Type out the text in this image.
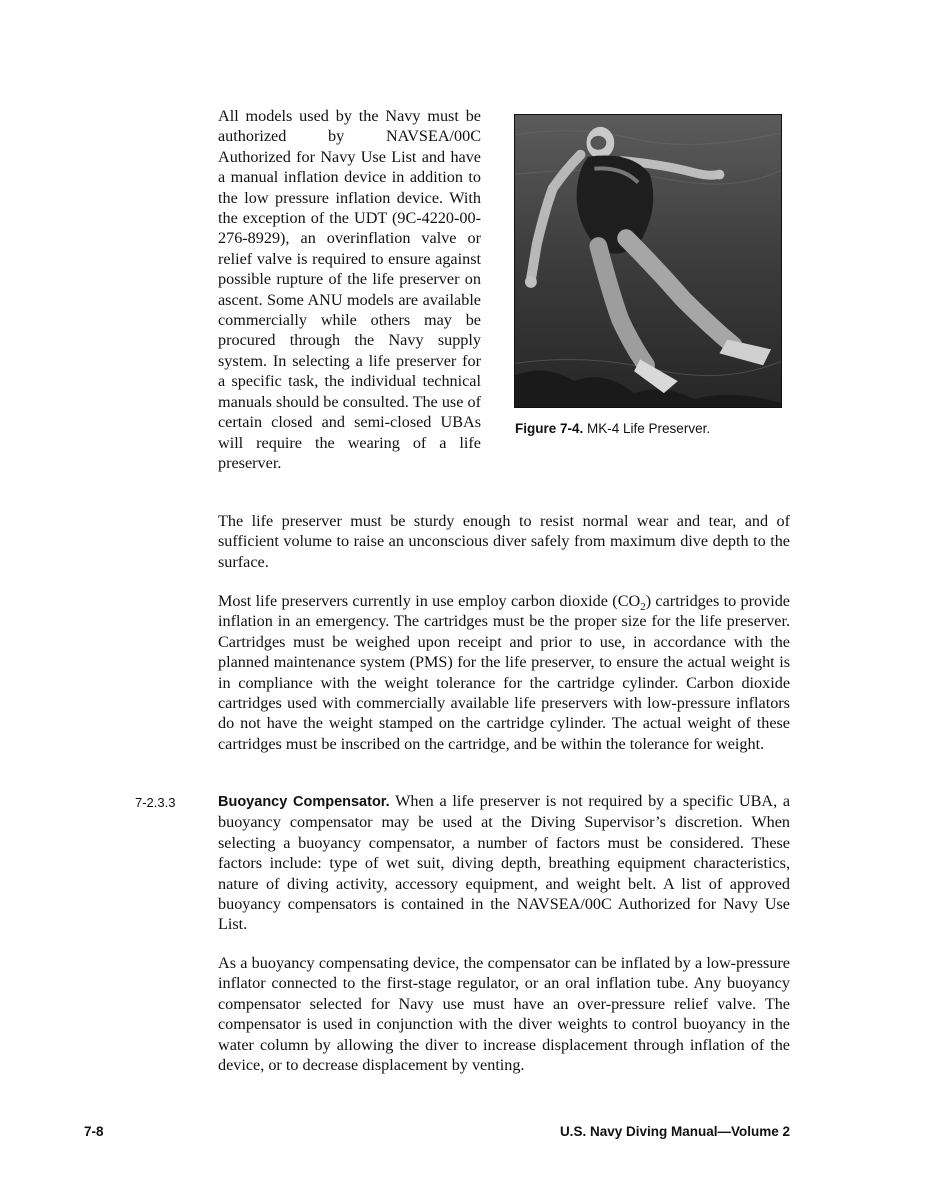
All models used by the Navy must be authorized by NAVSEA/00C Authorized for Navy Use List and have a manual inflation device in addition to the low pressure inflation device. With the exception of the UDT (9C-4220-00-276-8929), an overinflation valve or relief valve is required to ensure against possible rupture of the life preserver on ascent. Some ANU models are available commercially while others may be procured through the Navy supply system. In selecting a life preserver for a specific task, the individual technical manuals should be consulted. The use of certain closed and semi-closed UBAs will require the wearing of a life preserver.
Figure 7-4. MK-4 Life Preserver.

The life preserver must be sturdy enough to resist normal wear and tear, and of sufficient volume to raise an unconscious diver safely from maximum dive depth to the surface.

Most life preservers currently in use employ carbon dioxide $(CO_2)$ cartridges to provide inflation in an emergency. The cartridges must be the proper size for the life preserver. Cartridges must be weighed upon receipt and prior to use, in accordance with the planned maintenance system (PMS) for the life preserver, to ensure the actual weight is in compliance with the weight tolerance for the cartridge cylinder. Carbon dioxide cartridges used with commercially available life preservers with low-pressure inflators do not have the weight stamped on the cartridge cylinder. The actual weight of these cartridges must be inscribed on the cartridge, and be within the tolerance for weight.

7-2.3.3	Buoyancy Compensator. When a life preserver is not required by a specific UBA, a buoyancy compensator may be used at the Diving Supervisor’s discretion. When selecting a buoyancy compensator, a number of factors must be considered. These factors include: type of wet suit, diving depth, breathing equipment characteristics, nature of diving activity, accessory equipment, and weight belt. A list of approved buoyancy compensators is contained in the NAVSEA/00C Authorized for Navy Use List.

As a buoyancy compensating device, the compensator can be inflated by a low-pressure inflator connected to the first-stage regulator, or an oral inflation tube. Any buoyancy compensator selected for Navy use must have an over-pressure relief valve. The compensator is used in conjunction with the diver weights to control buoyancy in the water column by allowing the diver to increase displacement through inflation of the device, or to decrease displacement by venting.

7-8	U.S. Navy Diving Manual—Volume 2
